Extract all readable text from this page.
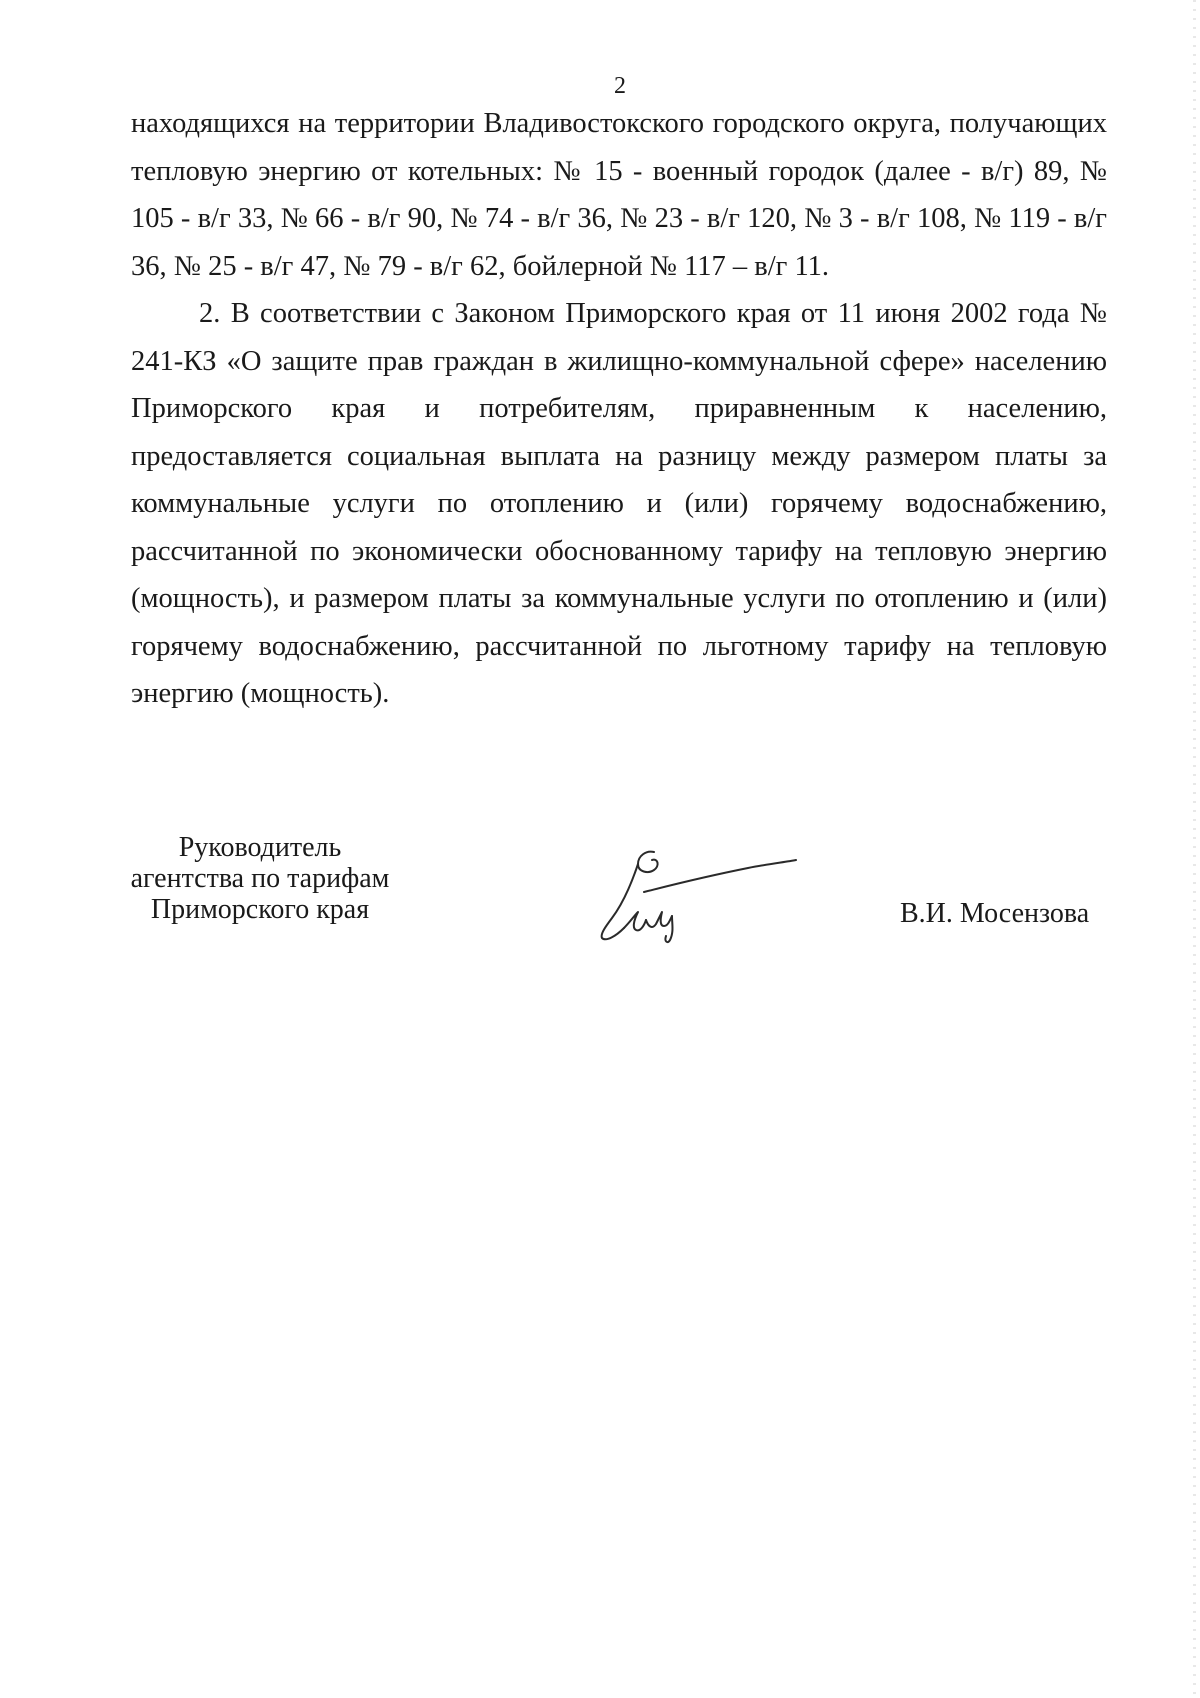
2

находящихся на территории Владивостокского городского округа, получающих тепловую энергию от котельных: № 15 - военный городок (далее - в/г) 89, № 105 - в/г 33, № 66 - в/г 90, № 74 - в/г 36, № 23 - в/г 120, № 3 - в/г 108, № 119 - в/г 36, № 25 - в/г 47, № 79 - в/г 62, бойлерной № 117 – в/г 11.

2. В соответствии с Законом Приморского края от 11 июня 2002 года № 241-КЗ «О защите прав граждан в жилищно-коммунальной сфере» населению Приморского края и потребителям, приравненным к населению, предоставляется социальная выплата на разницу между размером платы за коммунальные услуги по отоплению и (или) горячему водоснабжению, рассчитанной по экономически обоснованному тарифу на тепловую энергию (мощность), и размером платы за коммунальные услуги по отоплению и (или) горячему водоснабжению, рассчитанной по льготному тарифу на тепловую энергию (мощность).

Руководитель
агентства по тарифам
Приморского края	В.И. Мосензова
